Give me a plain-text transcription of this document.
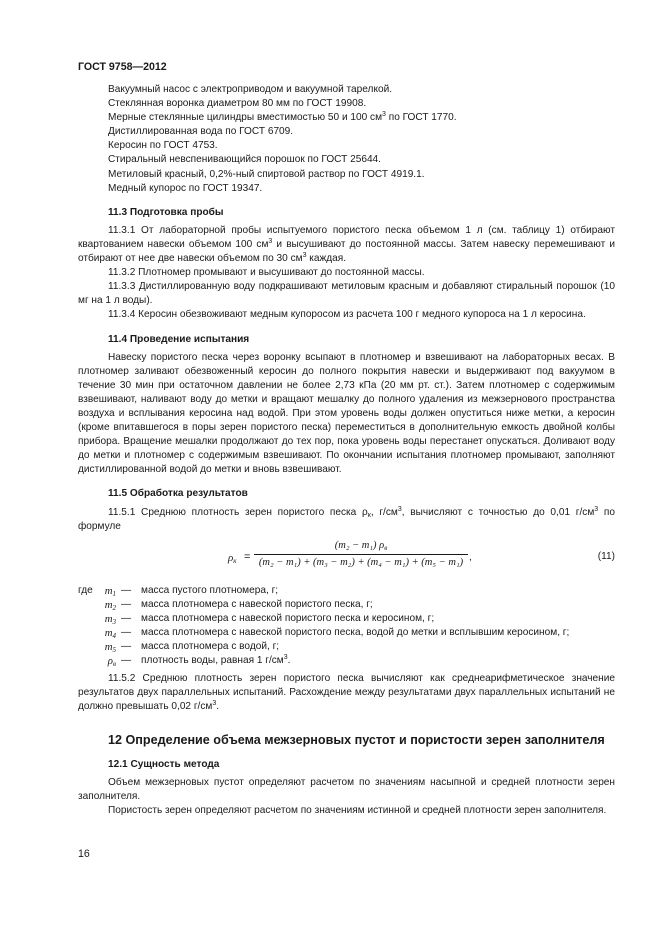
ГОСТ 9758—2012
Вакуумный насос с электроприводом и вакуумной тарелкой.
Стеклянная воронка диаметром 80 мм по ГОСТ 19908.
Мерные стеклянные цилиндры вместимостью 50 и 100 $см^3$ по ГОСТ 1770.
Дистиллированная вода по ГОСТ 6709.
Керосин по ГОСТ 4753.
Стиральный невспенивающийся порошок по ГОСТ 25644.
Метиловый красный, 0,2%-ный спиртовой раствор по ГОСТ 4919.1.
Медный купорос по ГОСТ 19347.
11.3 Подготовка пробы

11.3.1 От лабораторной пробы испытуемого пористого песка объемом 1 л (см. таблицу 1) отбирают квартованием навески объемом 100 $см^3$ и высушивают до постоянной массы. Затем навеску перемешивают и отбирают от нее две навески объемом по 30 $см^3$ каждая.

11.3.2 Плотномер промывают и высушивают до постоянной массы.

11.3.3 Дистиллированную воду подкрашивают метиловым красным и добавляют стиральный порошок (10 мг на 1 л воды).

11.3.4 Керосин обезвоживают медным купоросом из расчета 100 г медного купороса на 1 л керосина.

11.4 Проведение испытания

Навеску пористого песка через воронку всыпают в плотномер и взвешивают на лабораторных весах. В плотномер заливают обезвоженный керосин до полного покрытия навески и выдерживают под вакуумом в течение 30 мин при остаточном давлении не более 2,73 кПа (20 мм рт. ст.). Затем плотномер с содержимым взвешивают, наливают воду до метки и вращают мешалку до полного удаления из межзернового пространства воздуха и всплывания керосина над водой. При этом уровень воды должен опуститься ниже метки, а керосин (кроме впитавшегося в поры зерен пористого песка) переместиться в дополнительную емкость двойной колбы прибора. Вращение мешалки продолжают до тех пор, пока уровень воды перестанет опускаться. Доливают воду до метки и плотномер с содержимым взвешивают. По окончании испытания плотномер промывают, заполняют дистиллированной водой до метки и вновь взвешивают.

11.5 Обработка результатов

11.5.1 Среднюю плотность зерен пористого песка $\rho_к$, $г/см^3$, вычисляют с точностью до 0,01 $г/см^3$ по формуле

$\rho_к$ =
(m₂ − m₁) $\rho_в$
(m₂ − m₁) + (m₃ − m₂) + (m₄ − m₁) + (m₅ − m₁) ,	(11)
где	$m_1$ — масса пустого плотномера, г;
$m_2$ — масса плотномера с навеской пористого песка, г;
$m_3$ — масса плотномера с навеской пористого песка и керосином, г;
$m_4$ — масса плотномера с навеской пористого песка, водой до метки и всплывшим керосином, г;
$m_5$ — масса плотномера с водой, г;
$\rho_в$ — плотность воды, равная 1 $г/см^3$.

11.5.2 Среднюю плотность зерен пористого песка вычисляют как среднеарифметическое значение результатов двух параллельных испытаний. Расхождение между результатами двух параллельных испытаний не должно превышать 0,02 $г/см^3$.

12 Определение объема межзерновых пустот и пористости зерен заполнителя
12.1 Сущность метода

Объем межзерновых пустот определяют расчетом по значениям насыпной и средней плотности зерен заполнителя.

Пористость зерен определяют расчетом по значениям истинной и средней плотности зерен заполнителя.

16
